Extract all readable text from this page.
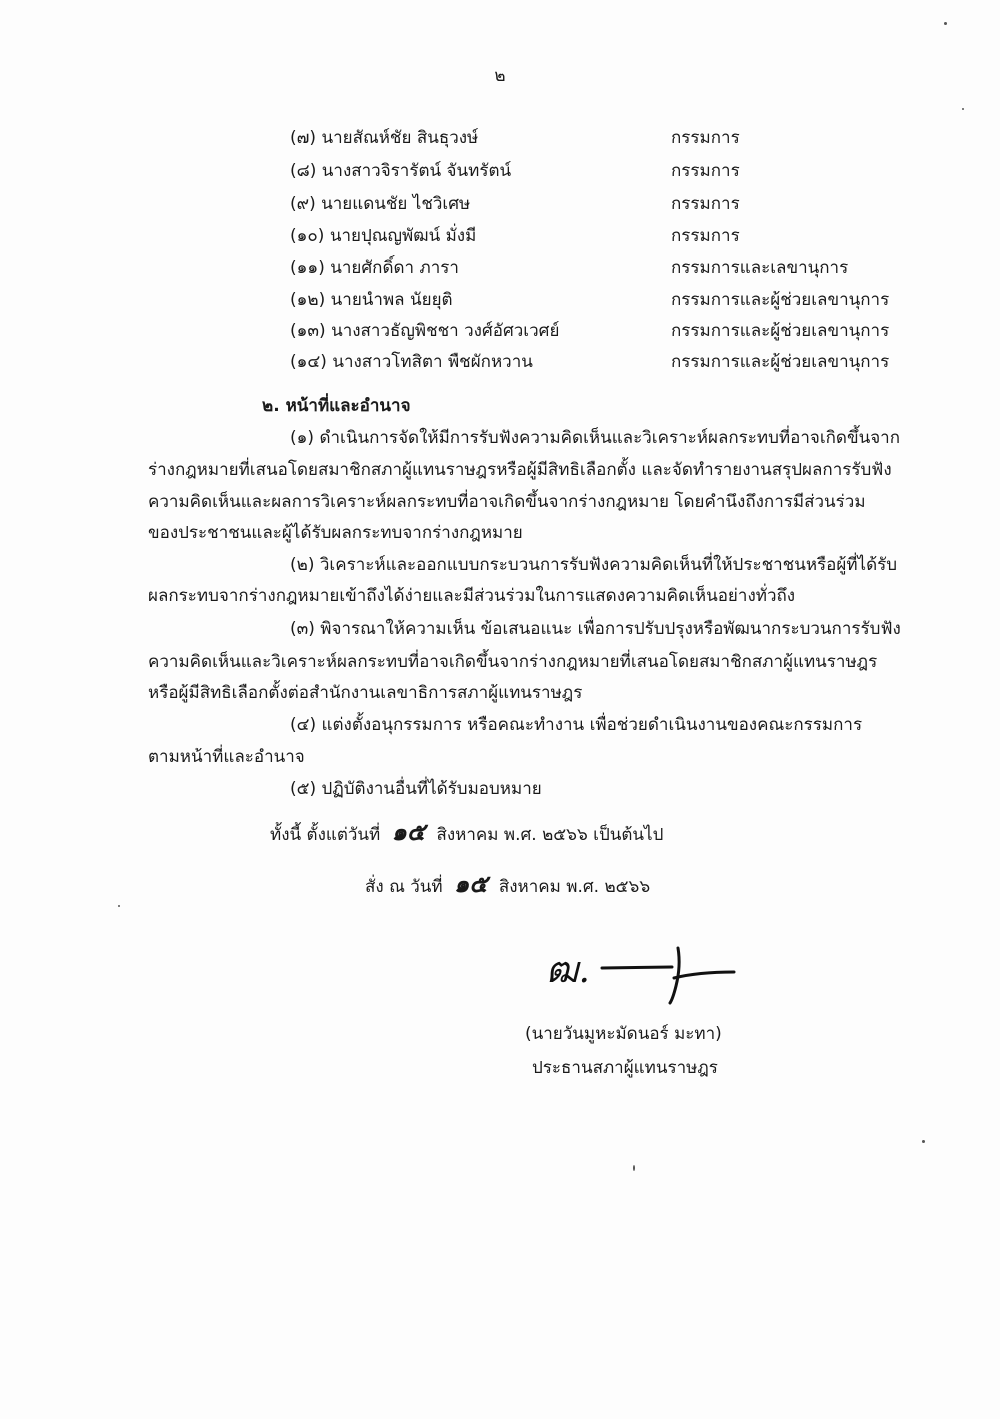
๒
(๗) นายสัณห์ชัย สินธุวงษ์	กรรมการ
(๘) นางสาวจิรารัตน์ จันทรัตน์	กรรมการ
(๙) นายแดนชัย ไชวิเศษ	กรรมการ
(๑๐) นายปุณญพัฒน์ มั่งมี	กรรมการ
(๑๑) นายศักดิ์ดา ภารา	กรรมการและเลขานุการ
(๑๒) นายนำพล นัยยุติ	กรรมการและผู้ช่วยเลขานุการ
(๑๓) นางสาวธัญพิชชา วงศ์อัศวเวศย์	กรรมการและผู้ช่วยเลขานุการ
(๑๔) นางสาวโทสิตา พืชผักหวาน	กรรมการและผู้ช่วยเลขานุการ
๒. หน้าที่และอำนาจ
(๑) ดำเนินการจัดให้มีการรับฟังความคิดเห็นและวิเคราะห์ผลกระทบที่อาจเกิดขึ้นจาก
ร่างกฎหมายที่เสนอโดยสมาชิกสภาผู้แทนราษฎรหรือผู้มีสิทธิเลือกตั้ง และจัดทำรายงานสรุปผลการรับฟัง
ความคิดเห็นและผลการวิเคราะห์ผลกระทบที่อาจเกิดขึ้นจากร่างกฎหมาย โดยคำนึงถึงการมีส่วนร่วม
ของประชาชนและผู้ได้รับผลกระทบจากร่างกฎหมาย
(๒) วิเคราะห์และออกแบบกระบวนการรับฟังความคิดเห็นที่ให้ประชาชนหรือผู้ที่ได้รับ
ผลกระทบจากร่างกฎหมายเข้าถึงได้ง่ายและมีส่วนร่วมในการแสดงความคิดเห็นอย่างทั่วถึง
(๓) พิจารณาให้ความเห็น ข้อเสนอแนะ เพื่อการปรับปรุงหรือพัฒนากระบวนการรับฟัง
ความคิดเห็นและวิเคราะห์ผลกระทบที่อาจเกิดขึ้นจากร่างกฎหมายที่เสนอโดยสมาชิกสภาผู้แทนราษฎร
หรือผู้มีสิทธิเลือกตั้งต่อสำนักงานเลขาธิการสภาผู้แทนราษฎร
(๔) แต่งตั้งอนุกรรมการ หรือคณะทำงาน เพื่อช่วยดำเนินงานของคณะกรรมการ
ตามหน้าที่และอำนาจ
(๕) ปฏิบัติงานอื่นที่ได้รับมอบหมาย
ทั้งนี้ ตั้งแต่วันที่ ๑๕ สิงหาคม พ.ศ. ๒๕๖๖ เป็นต้นไป
สั่ง ณ วันที่ ๑๕ สิงหาคม พ.ศ. ๒๕๖๖
ฒ.
(นายวันมูหะมัดนอร์ มะทา)
ประธานสภาผู้แทนราษฎร
